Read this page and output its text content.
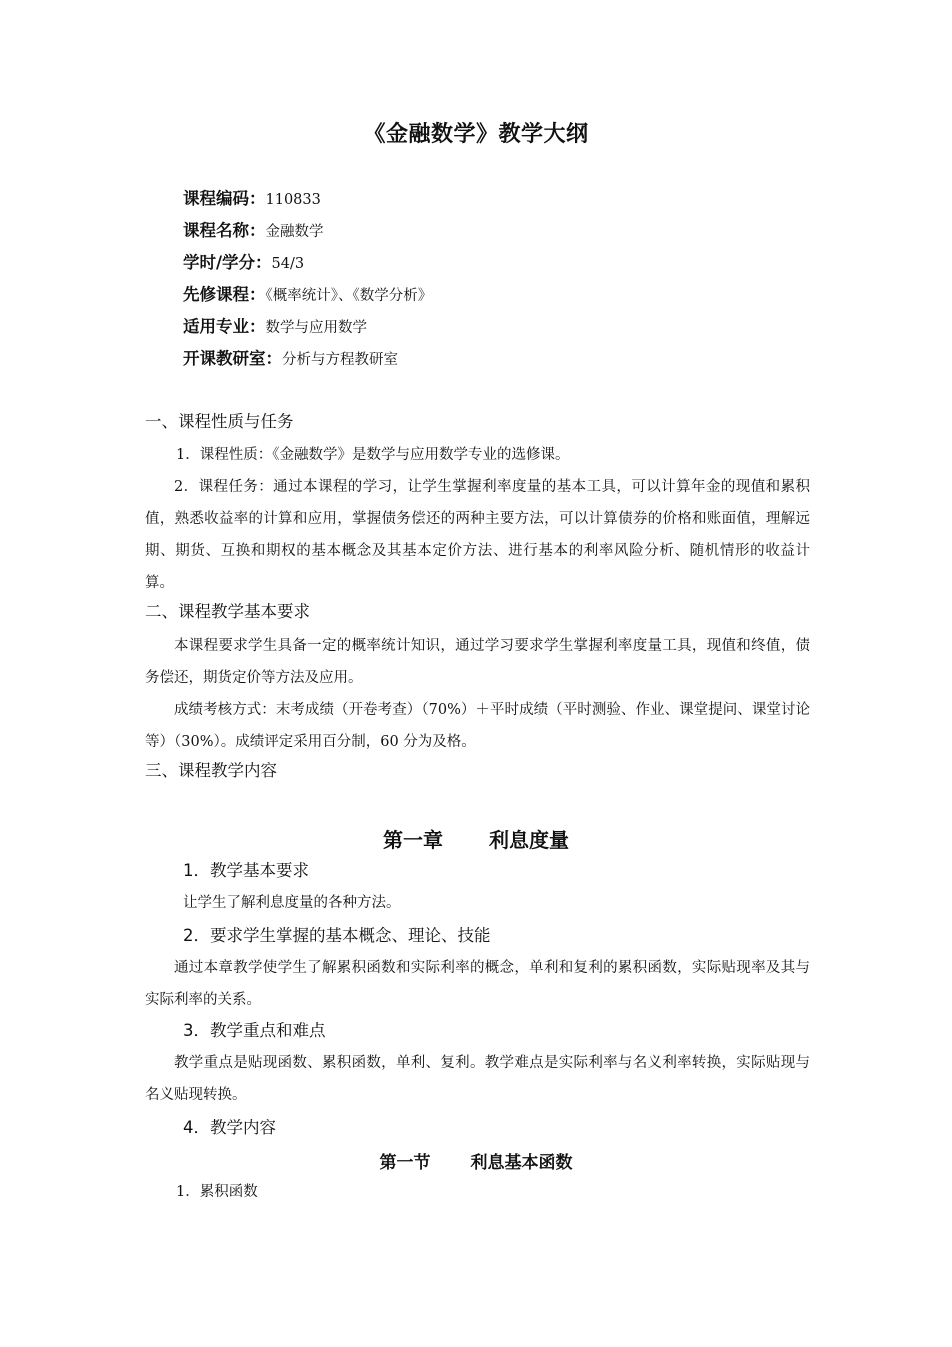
《金融数学》教学大纲
课程编码：110833
课程名称：金融数学
学时/学分：54/3
先修课程：《概率统计》、《数学分析》
适用专业：数学与应用数学
开课教研室：分析与方程教研室
一、课程性质与任务
1．课程性质：《金融数学》是数学与应用数学专业的选修课。
2．课程任务：通过本课程的学习，让学生掌握利率度量的基本工具，可以计算年金的现值和累积值，熟悉收益率的计算和应用，掌握债务偿还的两种主要方法，可以计算债券的价格和账面值，理解远期、期货、互换和期权的基本概念及其基本定价方法、进行基本的利率风险分析、随机情形的收益计算。
二、课程教学基本要求
本课程要求学生具备一定的概率统计知识，通过学习要求学生掌握利率度量工具，现值和终值，债务偿还，期货定价等方法及应用。
成绩考核方式：末考成绩（开卷考查）（70%）＋平时成绩（平时测验、作业、课堂提问、课堂讨论等）（30%）。成绩评定采用百分制，60 分为及格。
三、课程教学内容
第一章 利息度量
1．教学基本要求
让学生了解利息度量的各种方法。
2．要求学生掌握的基本概念、理论、技能
通过本章教学使学生了解累积函数和实际利率的概念，单利和复利的累积函数，实际贴现率及其与实际利率的关系。
3．教学重点和难点
教学重点是贴现函数、累积函数，单利、复利。教学难点是实际利率与名义利率转换，实际贴现与名义贴现转换。
4．教学内容
第一节 利息基本函数
1．累积函数
